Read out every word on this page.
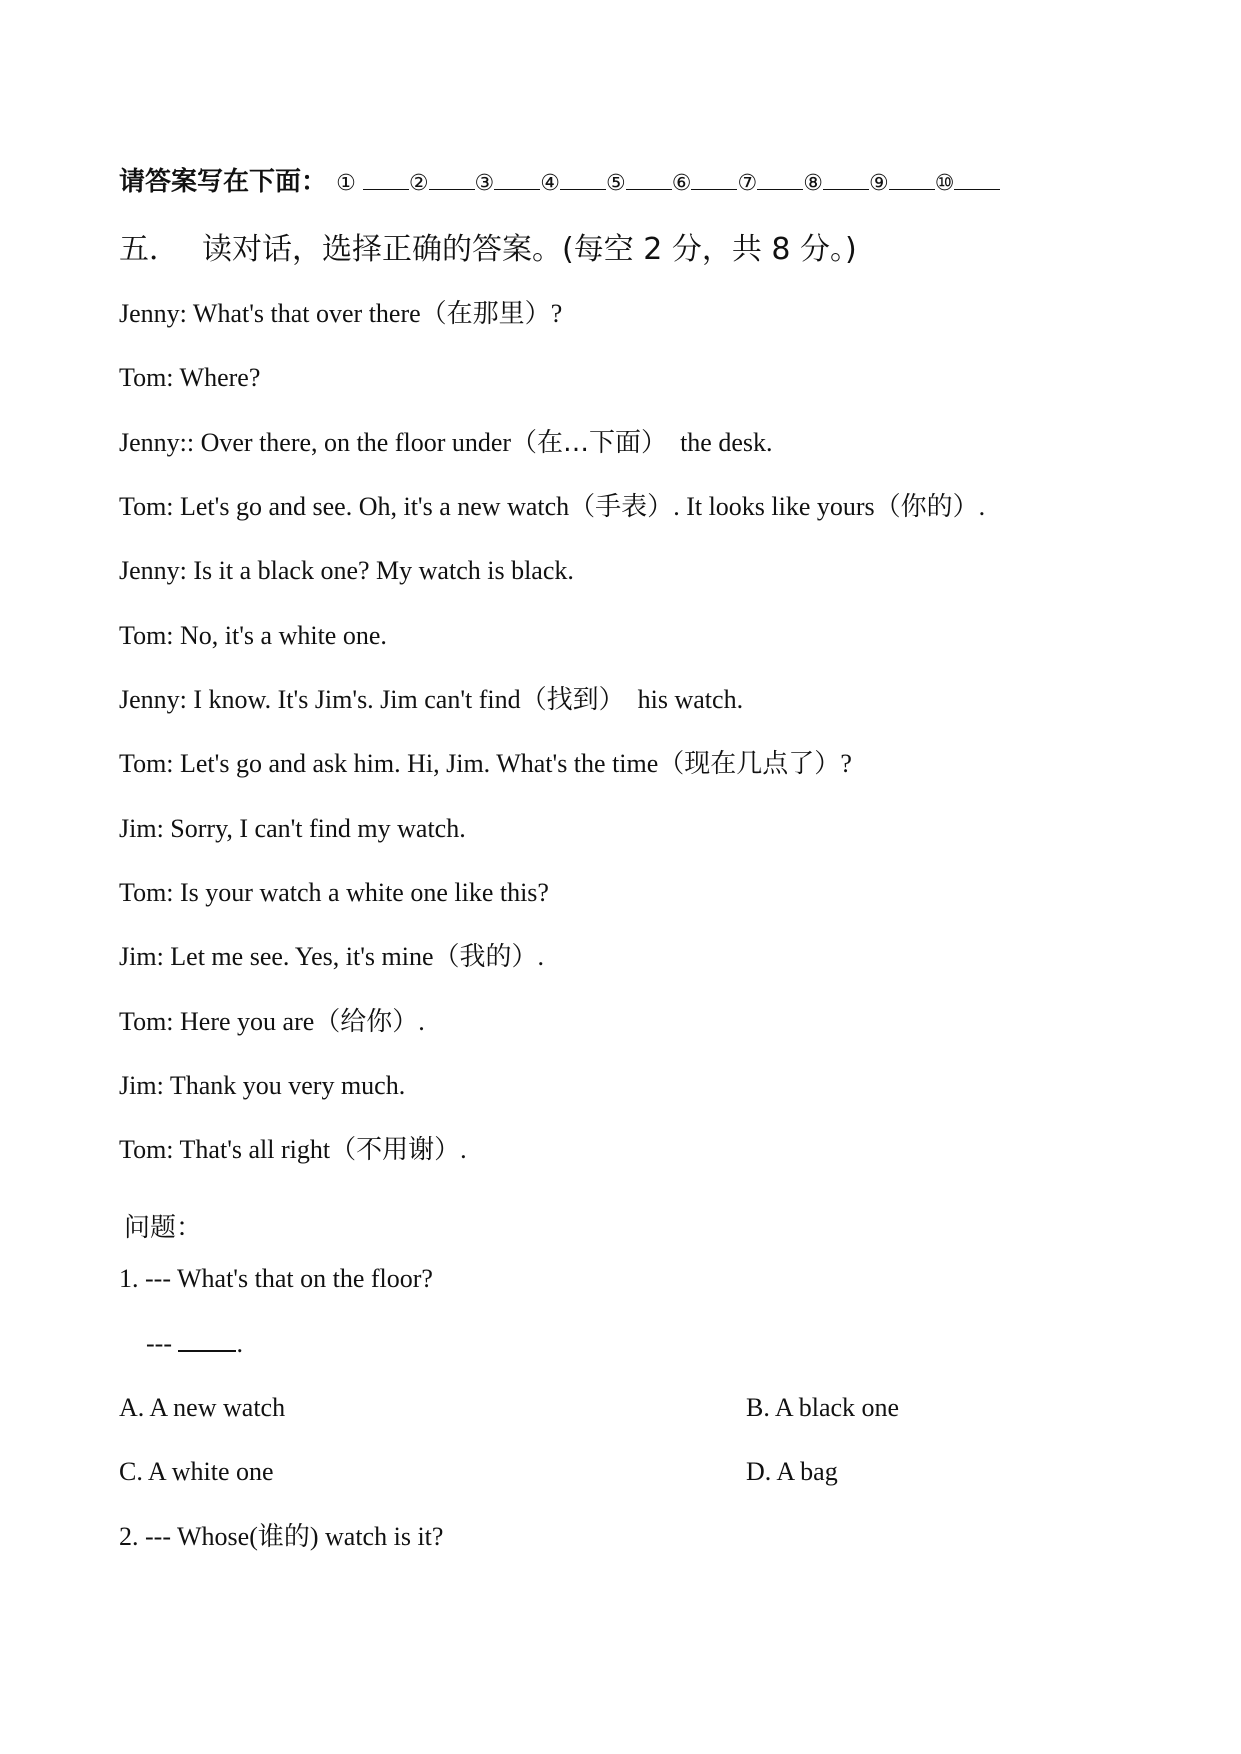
请答案写在下面： ① ② ③ ④ ⑤ ⑥ ⑦ ⑧ ⑨ ⑩
五． 读对话，选择正确的答案。(每空 2 分，共 8 分。)
Jenny: What's that over there（在那里）?
Tom: Where?
Jenny:: Over there, on the floor under（在…下面）  the desk.
Tom: Let's go and see. Oh, it's a new watch（手表）. It looks like yours（你的）.
Jenny: Is it a black one? My watch is black.
Tom: No, it's a white one.
Jenny: I know. It's Jim's. Jim can't find（找到）  his watch.
Tom: Let's go and ask him. Hi, Jim. What's the time（现在几点了）?
Jim: Sorry, I can't find my watch.
Tom: Is your watch a white one like this?
Jim: Let me see. Yes, it's mine（我的）.
Tom: Here you are（给你）.
Jim: Thank you very much.
Tom: That's all right（不用谢）.
问题：
1. --- What's that on the floor?
--- .
A. A new watch	B. A black one
C. A white one	D. A bag
2. --- Whose(谁的) watch is it?
